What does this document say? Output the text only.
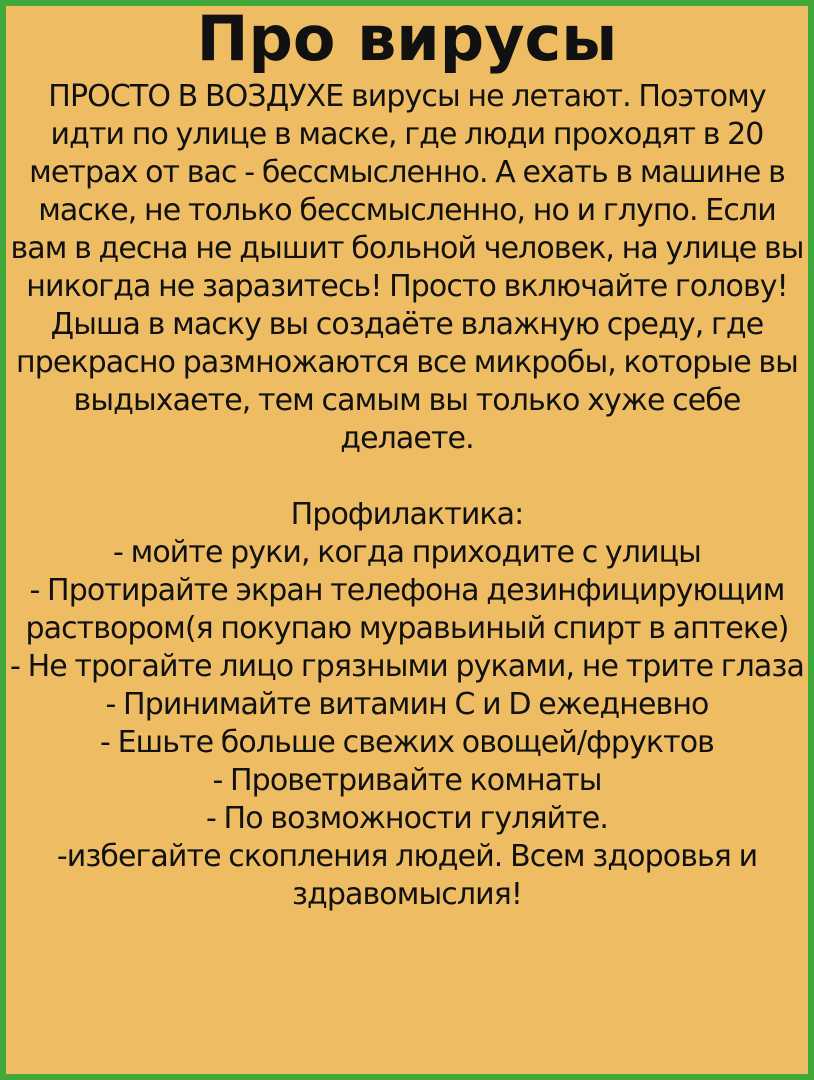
Про вирусы
ПРОСТО В ВОЗДУХЕ вирусы не летают. Поэтому идти по улице в маске, где люди проходят в 20 метрах от вас - бессмысленно. А ехать в машине в маске, не только бессмысленно, но и глупо. Если вам в десна не дышит больной человек, на улице вы никогда не заразитесь! Просто включайте голову! Дыша в маску вы создаёте влажную среду, где прекрасно размножаются все микробы, которые вы выдыхаете, тем самым вы только хуже себе делаете.
Профилактика:
- мойте руки, когда приходите с улицы
- Протирайте экран телефона дезинфицирующим раствором(я покупаю муравьиный спирт в аптеке)
- Не трогайте лицо грязными руками, не трите глаза
- Принимайте витамин С и D ежедневно
- Ешьте больше свежих овощей/фруктов
- Проветривайте комнаты
- По возможности гуляйте.
-избегайте скопления людей. Всем здоровья и здравомыслия!
